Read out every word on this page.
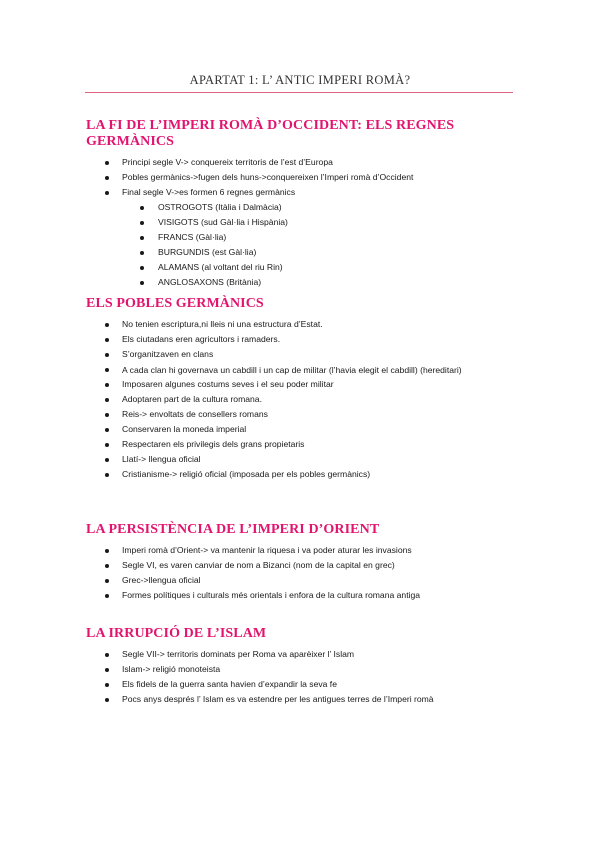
APARTAT 1: L’ ANTIC IMPERI ROMÀ?
LA FI DE L’IMPERI ROMÀ D’OCCIDENT: ELS REGNES GERMÀNICS
Principi segle V-> conquereix territoris de l’est d’Europa
Pobles germànics->fugen dels huns->conquereixen l’Imperi romà d’Occident
Final segle V->es formen 6 regnes germànics
OSTROGOTS (Itàlia i Dalmàcia)
VISIGOTS (sud Gàl·lia i Hispània)
FRANCS (Gàl·lia)
BURGUNDIS (est Gàl·lia)
ALAMANS (al voltant del riu Rin)
ANGLOSAXONS (Britània)
ELS POBLES GERMÀNICS
No tenien escriptura,ni lleis ni una estructura d’Estat.
Els ciutadans eren agricultors i ramaders.
S’organitzaven en clans
A cada clan hi governava un cabdill i un cap de militar (l’havia elegit el cabdill) (hereditari)
Imposaren algunes costums seves i el seu poder militar
Adoptaren part de la cultura romana.
Reis-> envoltats de consellers romans
Conservaren la moneda imperial
Respectaren els privilegis dels grans propietaris
Llatí-> llengua oficial
Cristianisme-> religió oficial (imposada per els pobles germànics)
LA PERSISTÈNCIA DE L’IMPERI D’ORIENT
Imperi romà d’Orient-> va mantenir la riquesa i va poder aturar les invasions
Segle VI, es varen canviar de nom a Bizanci (nom de la capital en grec)
Grec->llengua oficial
Formes polítiques i culturals més orientals i enfora de la cultura romana antiga
LA IRRUPCIÓ DE L’ISLAM
Segle VII-> territoris dominats per Roma va aparèixer l’ Islam
Islam-> religió monoteista
Els fidels de la guerra santa havien d’expandir la seva fe
Pocs anys després l’ Islam es va estendre per les antigues terres de l’Imperi romà
